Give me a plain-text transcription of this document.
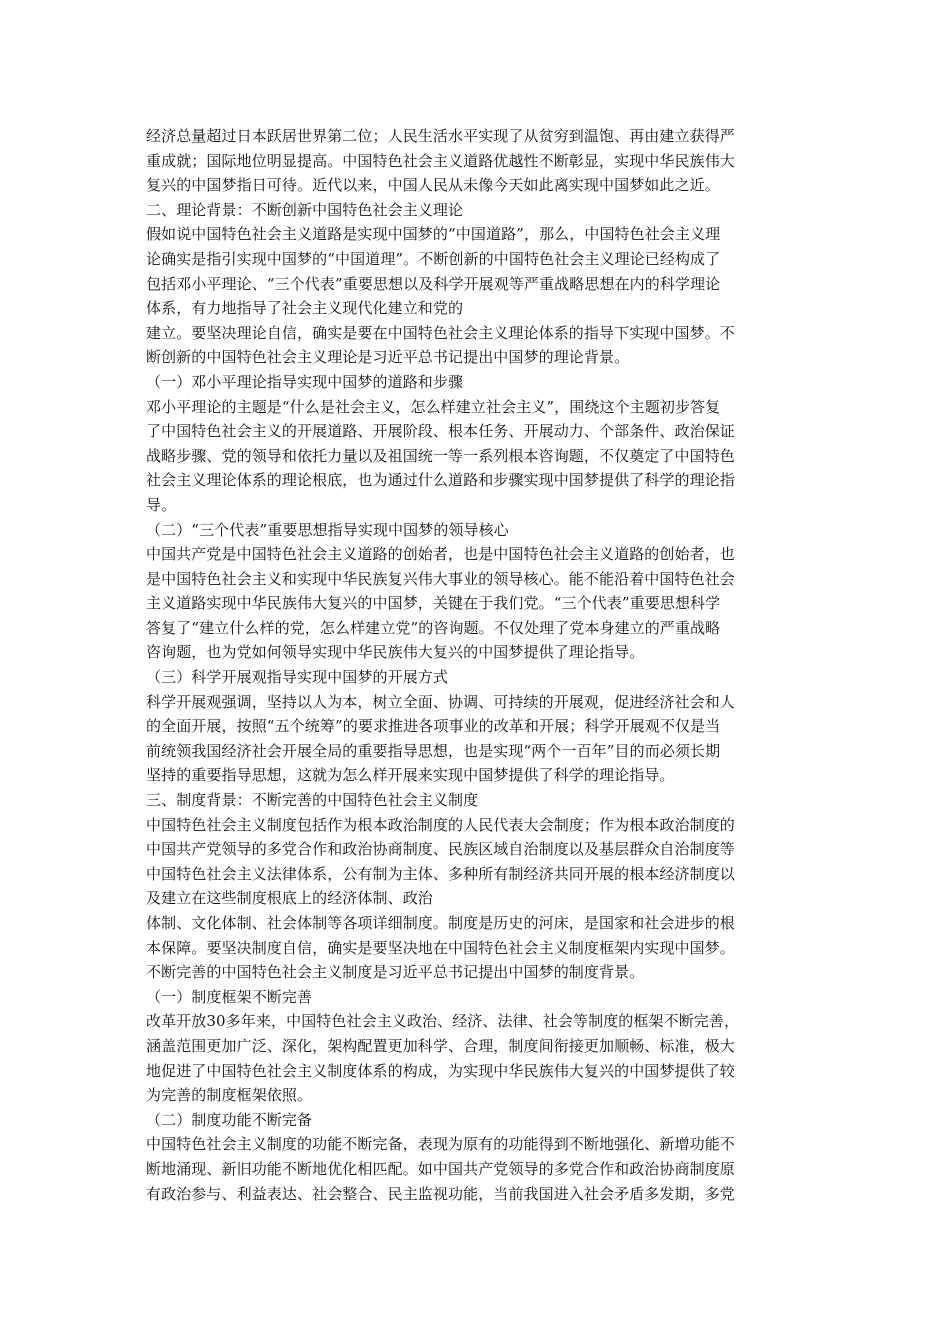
经济总量超过日本跃居世界第二位；人民生活水平实现了从贫穷到温饱、再由建立获得严
重成就；国际地位明显提高。中国特色社会主义道路优越性不断彰显，实现中华民族伟大
复兴的中国梦指日可待。近代以来，中国人民从未像今天如此离实现中国梦如此之近。
二、理论背景：不断创新中国特色社会主义理论
假如说中国特色社会主义道路是实现中国梦的“中国道路”，那么，中国特色社会主义理
论确实是指引实现中国梦的“中国道理”。不断创新的中国特色社会主义理论已经构成了
包括邓小平理论、“三个代表”重要思想以及科学开展观等严重战略思想在内的科学理论
体系，有力地指导了社会主义现代化建立和党的
建立。要坚决理论自信，确实是要在中国特色社会主义理论体系的指导下实现中国梦。不
断创新的中国特色社会主义理论是习近平总书记提出中国梦的理论背景。
（一）邓小平理论指导实现中国梦的道路和步骤
邓小平理论的主题是“什么是社会主义，怎么样建立社会主义”，围绕这个主题初步答复
了中国特色社会主义的开展道路、开展阶段、根本任务、开展动力、个部条件、政治保证
战略步骤、党的领导和依托力量以及祖国统一等一系列根本咨询题，不仅奠定了中国特色
社会主义理论体系的理论根底，也为通过什么道路和步骤实现中国梦提供了科学的理论指
导。
（二）“三个代表”重要思想指导实现中国梦的领导核心
中国共产党是中国特色社会主义道路的创始者，也是中国特色社会主义道路的创始者，也
是中国特色社会主义和实现中华民族复兴伟大事业的领导核心。能不能沿着中国特色社会
主义道路实现中华民族伟大复兴的中国梦，关键在于我们党。“三个代表”重要思想科学
答复了“建立什么样的党，怎么样建立党”的咨询题。不仅处理了党本身建立的严重战略
咨询题，也为党如何领导实现中华民族伟大复兴的中国梦提供了理论指导。
（三）科学开展观指导实现中国梦的开展方式
科学开展观强调，坚持以人为本，树立全面、协调、可持续的开展观，促进经济社会和人
的全面开展，按照“五个统筹”的要求推进各项事业的改革和开展；科学开展观不仅是当
前统领我国经济社会开展全局的重要指导思想，也是实现“两个一百年”目的而必须长期
坚持的重要指导思想，这就为怎么样开展来实现中国梦提供了科学的理论指导。
三、制度背景：不断完善的中国特色社会主义制度
中国特色社会主义制度包括作为根本政治制度的人民代表大会制度；作为根本政治制度的
中国共产党领导的多党合作和政治协商制度、民族区域自治制度以及基层群众自治制度等
中国特色社会主义法律体系，公有制为主体、多种所有制经济共同开展的根本经济制度以
及建立在这些制度根底上的经济体制、政治
体制、文化体制、社会体制等各项详细制度。制度是历史的河床，是国家和社会进步的根
本保障。要坚决制度自信，确实是要坚决地在中国特色社会主义制度框架内实现中国梦。
不断完善的中国特色社会主义制度是习近平总书记提出中国梦的制度背景。
（一）制度框架不断完善
改革开放30多年来，中国特色社会主义政治、经济、法律、社会等制度的框架不断完善，
涵盖范围更加广泛、深化，架构配置更加科学、合理，制度间衔接更加顺畅、标准，极大
地促进了中国特色社会主义制度体系的构成，为实现中华民族伟大复兴的中国梦提供了较
为完善的制度框架依照。
（二）制度功能不断完备
中国特色社会主义制度的功能不断完备，表现为原有的功能得到不断地强化、新增功能不
断地涌现、新旧功能不断地优化相匹配。如中国共产党领导的多党合作和政治协商制度原
有政治参与、利益表达、社会整合、民主监视功能，当前我国进入社会矛盾多发期，多党
